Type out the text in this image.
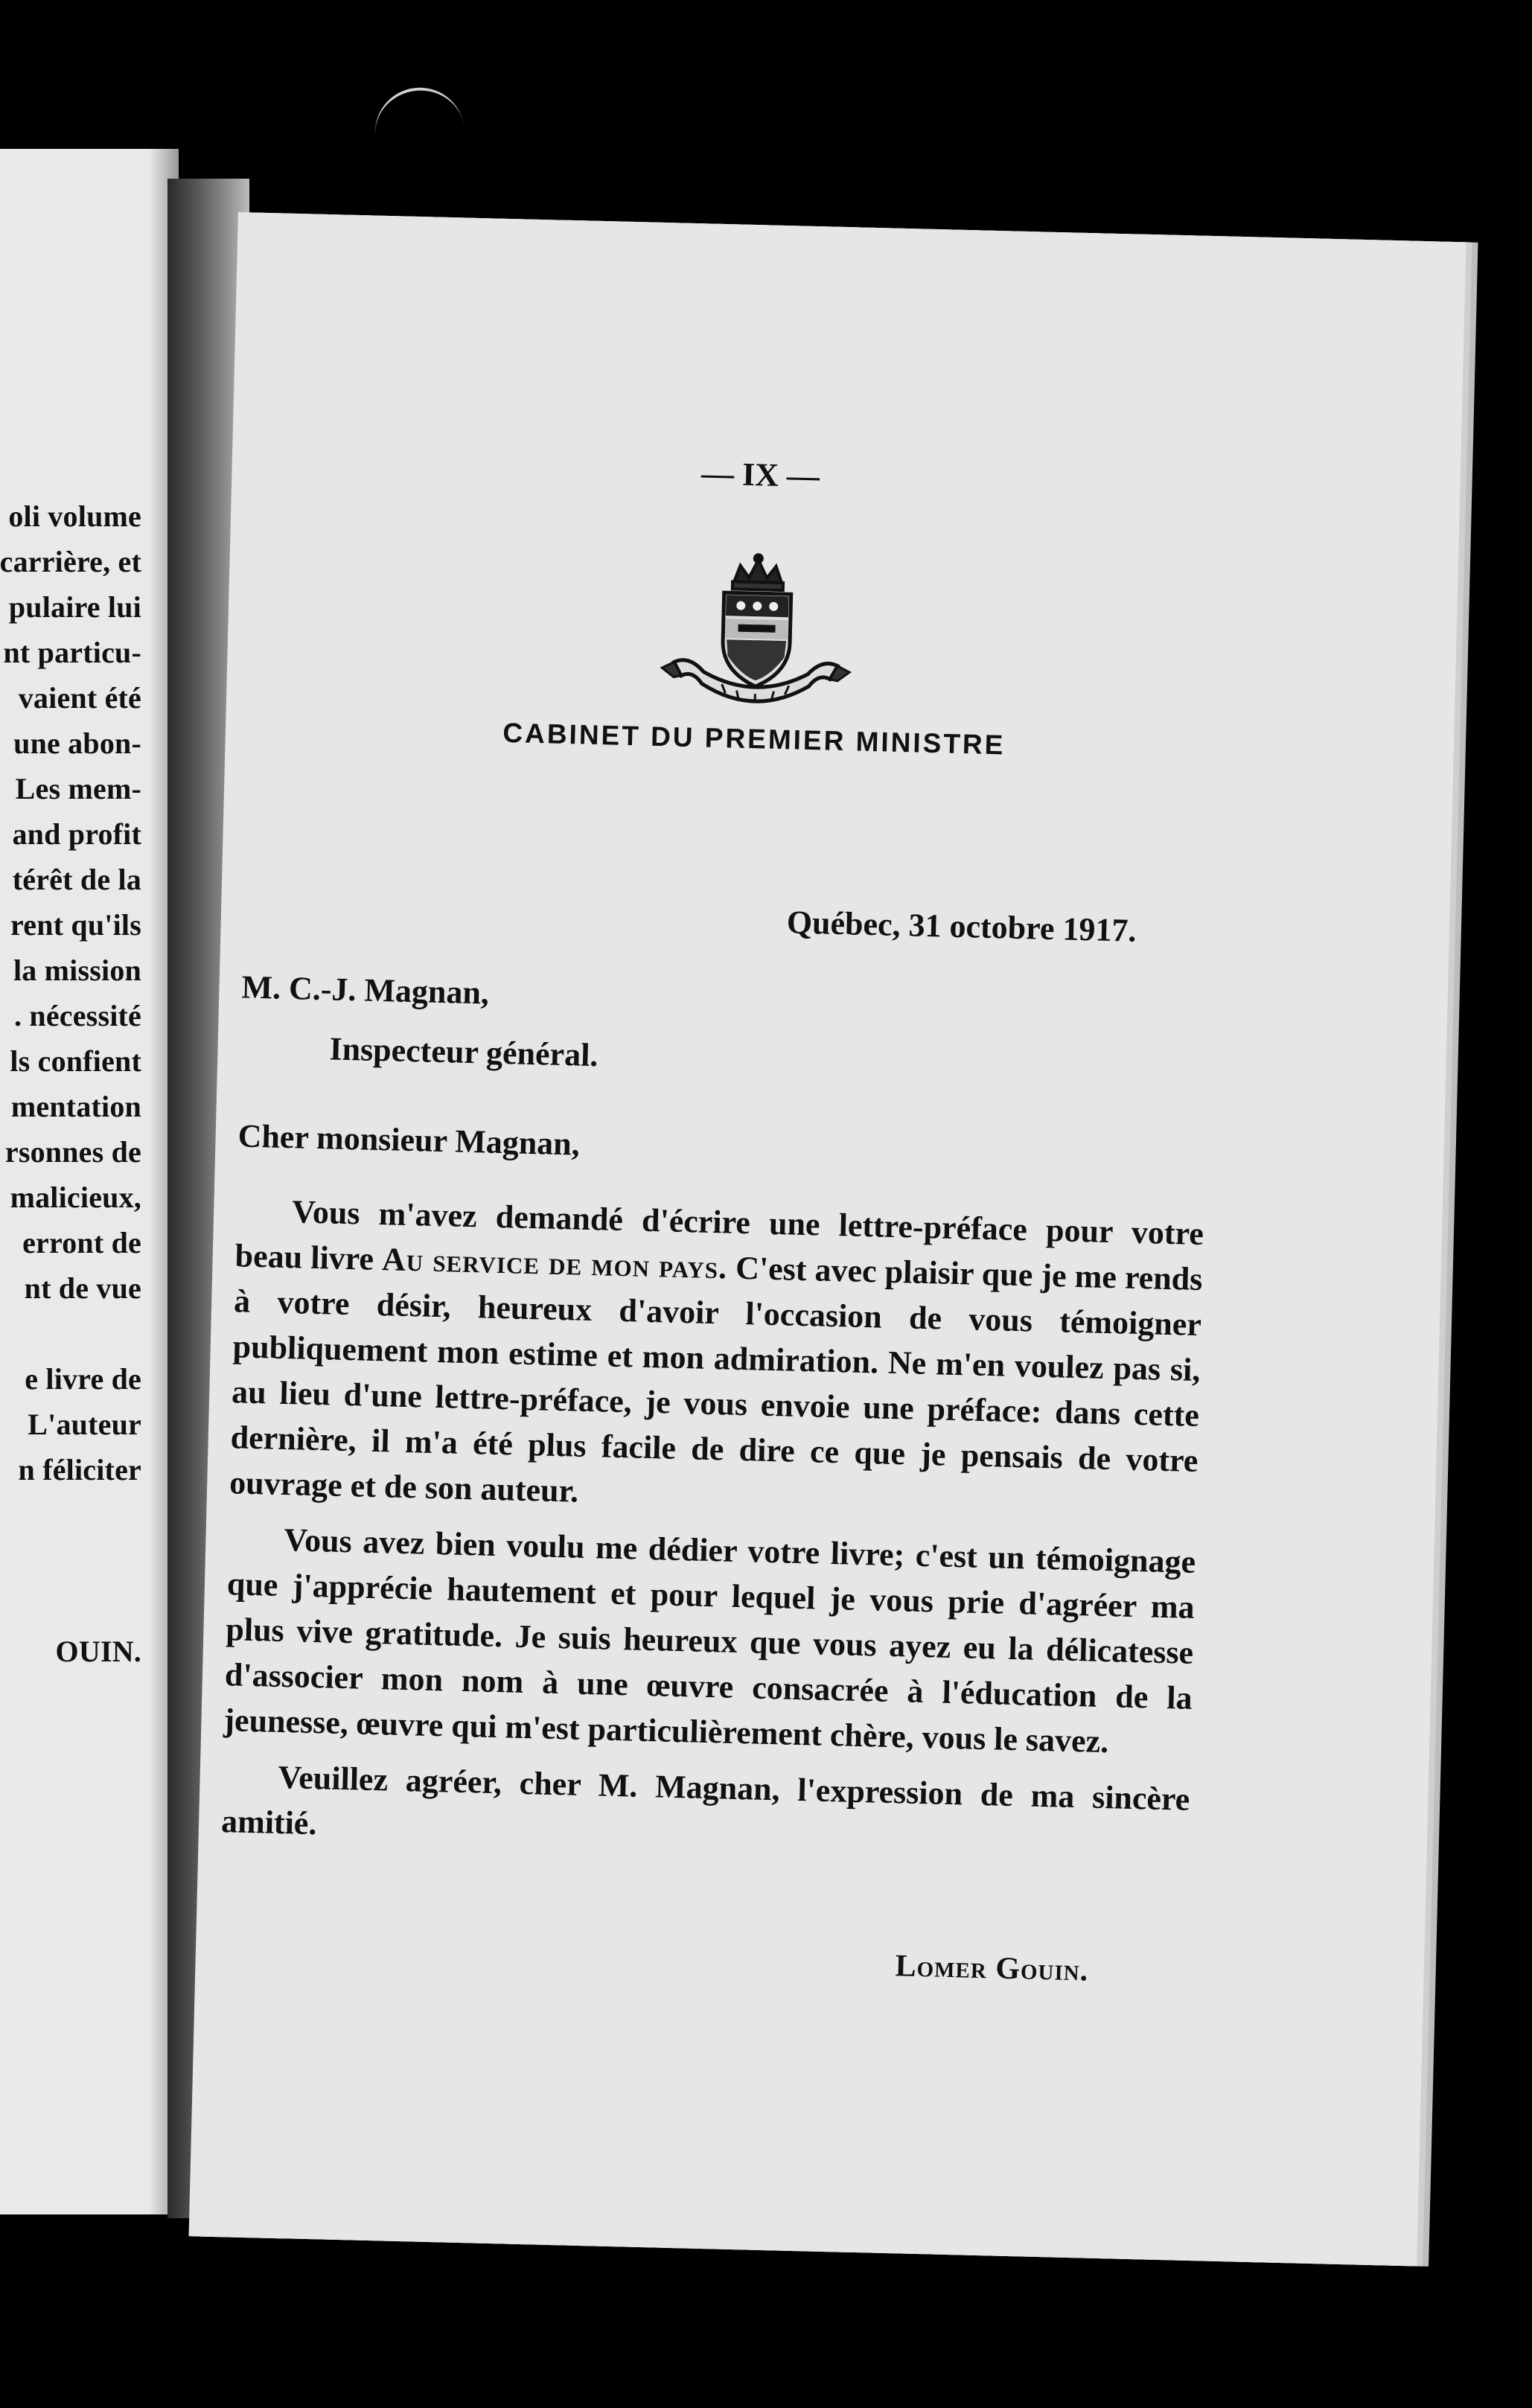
oli volume
carrière, et
pulaire lui
nt particu-
vaient été
une abon-
Les mem-
and profit
térêt de la
rent qu'ils
la mission
. nécessité
ls confient
mentation
rsonnes de
malicieux,
erront de
nt de vue
e livre de
L'auteur
n féliciter
OUIN.
— IX —
CABINET DU PREMIER MINISTRE
Québec, 31 octobre 1917.
M. C.-J. Magnan,
Inspecteur général.
Cher monsieur Magnan,

Vous m'avez demandé d'écrire une lettre-préface pour votre beau livre Au service de mon pays. C'est avec plaisir que je me rends à votre désir, heureux d'avoir l'occasion de vous témoigner publiquement mon estime et mon admiration. Ne m'en voulez pas si, au lieu d'une lettre-préface, je vous envoie une préface: dans cette dernière, il m'a été plus facile de dire ce que je pensais de votre ouvrage et de son auteur.

Vous avez bien voulu me dédier votre livre; c'est un témoignage que j'apprécie hautement et pour lequel je vous prie d'agréer ma plus vive gratitude. Je suis heureux que vous ayez eu la délicatesse d'associer mon nom à une œuvre consacrée à l'éducation de la jeunesse, œuvre qui m'est particulièrement chère, vous le savez.

Veuillez agréer, cher M. Magnan, l'expression de ma sincère amitié.

Lomer Gouin.
